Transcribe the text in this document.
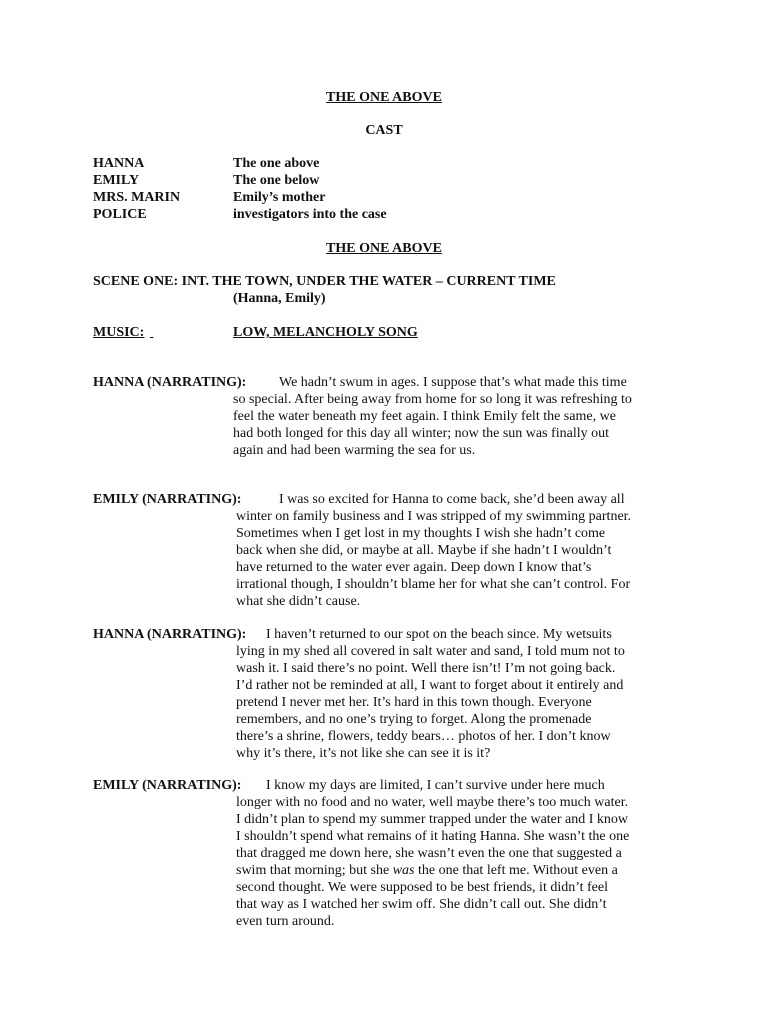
THE ONE ABOVE
CAST
HANNA	The one above
EMILY	The one below
MRS. MARIN	Emily’s mother
POLICE	investigators into the case
THE ONE ABOVE
SCENE ONE: INT. THE TOWN, UNDER THE WATER – CURRENT TIME
(Hanna, Emily)
MUSIC:
	LOW, MELANCHOLY SONG
HANNA (NARRATING): We hadn’t swum in ages. I suppose that’s what made this time
so special. After being away from home for so long it was refreshing to
feel the water beneath my feet again. I think Emily felt the same, we
had both longed for this day all winter; now the sun was finally out
again and had been warming the sea for us.
EMILY (NARRATING):	I was so excited for Hanna to come back, she’d been away all
winter on family business and I was stripped of my swimming partner.
Sometimes when I get lost in my thoughts I wish she hadn’t come
back when she did, or maybe at all. Maybe if she hadn’t I wouldn’t
have returned to the water ever again. Deep down I know that’s
irrational though, I shouldn’t blame her for what she can’t control. For
what she didn’t cause.
HANNA (NARRATING): I haven’t returned to our spot on the beach since. My wetsuits
lying in my shed all covered in salt water and sand, I told mum not to
wash it. I said there’s no point. Well there isn’t! I’m not going back.
I’d rather not be reminded at all, I want to forget about it entirely and
pretend I never met her. It’s hard in this town though. Everyone
remembers, and no one’s trying to forget. Along the promenade
there’s a shrine, flowers, teddy bears… photos of her. I don’t know
why it’s there, it’s not like she can see it is it?
EMILY (NARRATING): I know my days are limited, I can’t survive under here much
longer with no food and no water, well maybe there’s too much water.
I didn’t plan to spend my summer trapped under the water and I know
I shouldn’t spend what remains of it hating Hanna. She wasn’t the one
that dragged me down here, she wasn’t even the one that suggested a
swim that morning; but she was the one that left me. Without even a
second thought. We were supposed to be best friends, it didn’t feel
that way as I watched her swim off. She didn’t call out. She didn’t
even turn around.
